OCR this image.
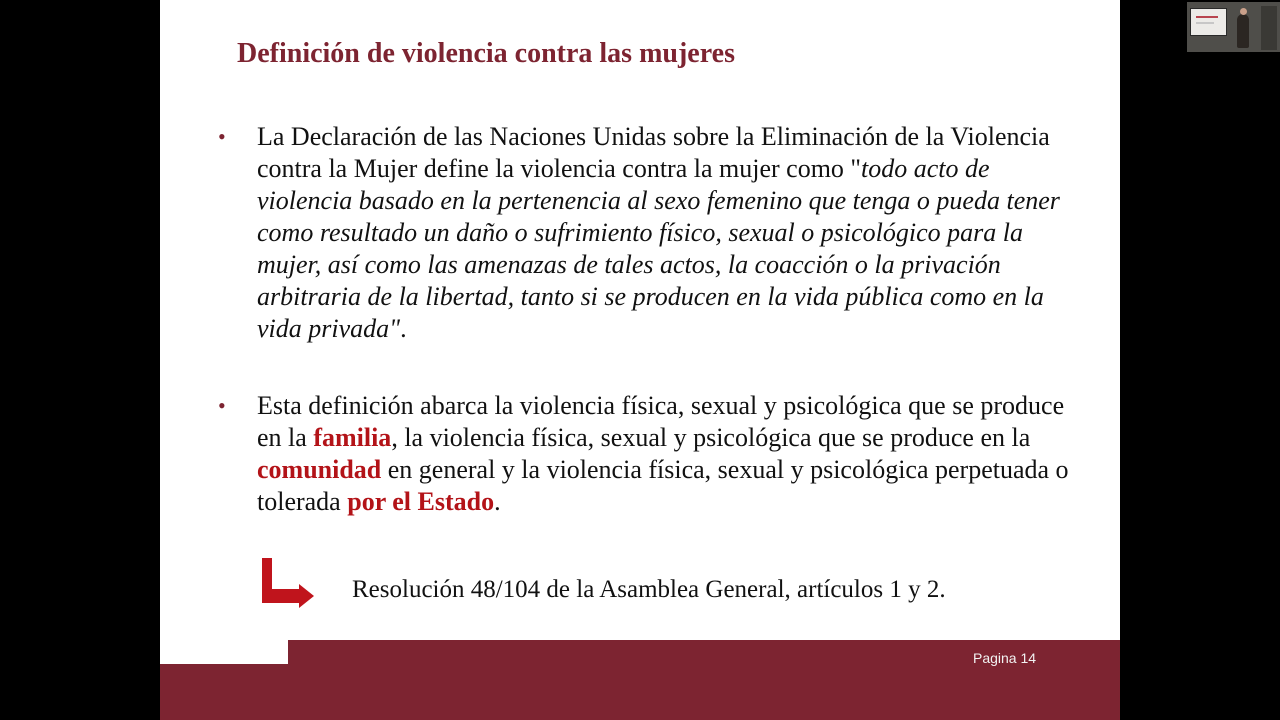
Definición de violencia contra las mujeres
• La Declaración de las Naciones Unidas sobre la Eliminación de la Violencia contra la Mujer define la violencia contra la mujer como "todo acto de violencia basado en la pertenencia al sexo femenino que tenga o pueda tener como resultado un daño o sufrimiento físico, sexual o psicológico para la mujer, así como las amenazas de tales actos, la coacción o la privación arbitraria de la libertad, tanto si se producen en la vida pública como en la vida privada".
• Esta definición abarca la violencia física, sexual y psicológica que se produce en la familia, la violencia física, sexual y psicológica que se produce en la comunidad en general y la violencia física, sexual y psicológica perpetuada o tolerada por el Estado.
Resolución 48/104 de la Asamblea General, artículos 1 y 2.
Pagina 14
